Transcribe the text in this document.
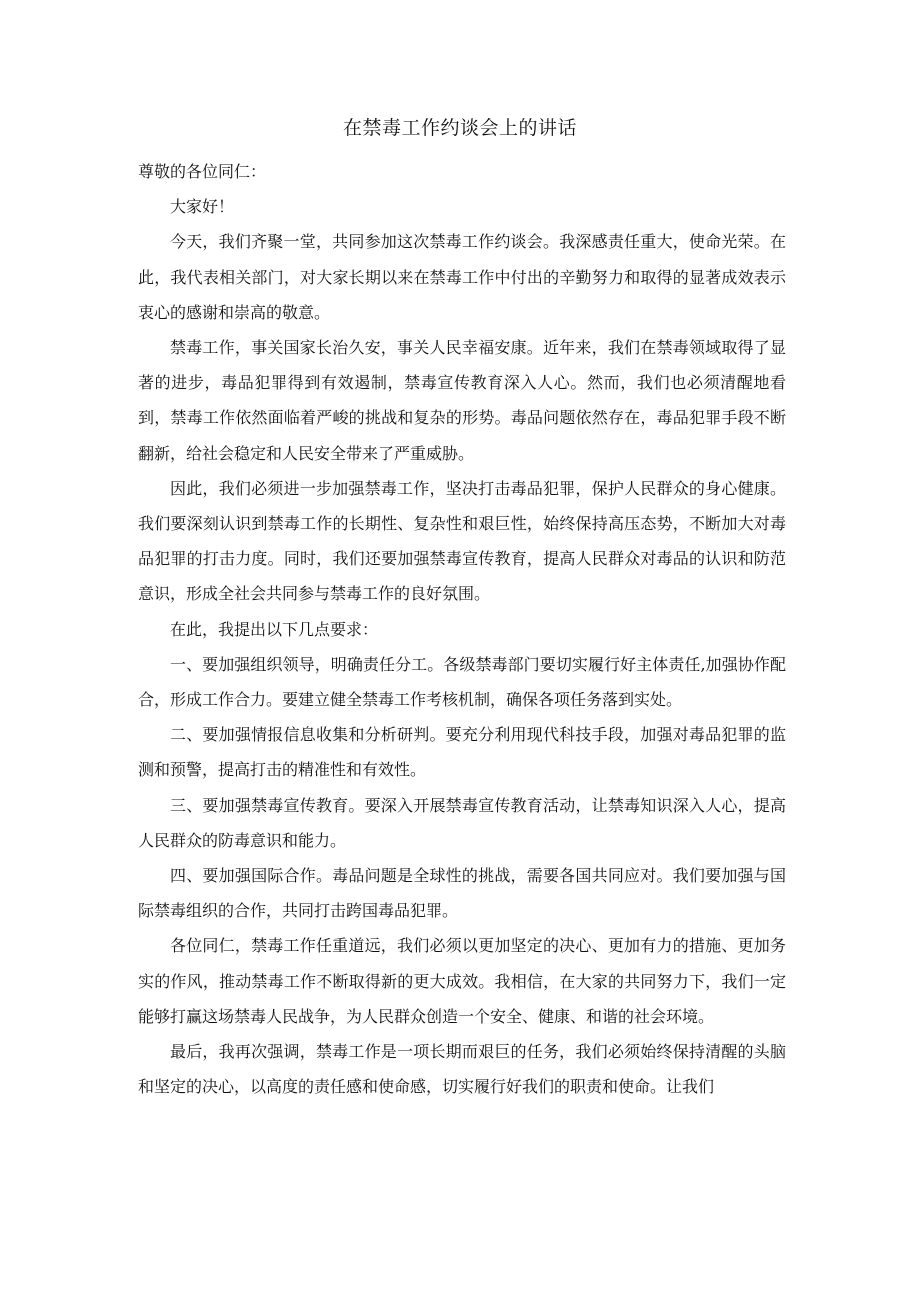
在禁毒工作约谈会上的讲话

尊敬的各位同仁：

大家好！

今天，我们齐聚一堂，共同参加这次禁毒工作约谈会。我深感责任重大，使命光荣。在此，我代表相关部门，对大家长期以来在禁毒工作中付出的辛勤努力和取得的显著成效表示衷心的感谢和崇高的敬意。

禁毒工作，事关国家长治久安，事关人民幸福安康。近年来，我们在禁毒领域取得了显著的进步，毒品犯罪得到有效遏制，禁毒宣传教育深入人心。然而，我们也必须清醒地看到，禁毒工作依然面临着严峻的挑战和复杂的形势。毒品问题依然存在，毒品犯罪手段不断翻新，给社会稳定和人民安全带来了严重威胁。

因此，我们必须进一步加强禁毒工作，坚决打击毒品犯罪，保护人民群众的身心健康。我们要深刻认识到禁毒工作的长期性、复杂性和艰巨性，始终保持高压态势，不断加大对毒品犯罪的打击力度。同时，我们还要加强禁毒宣传教育，提高人民群众对毒品的认识和防范意识，形成全社会共同参与禁毒工作的良好氛围。

在此，我提出以下几点要求：

一、要加强组织领导，明确责任分工。各级禁毒部门要切实履行好主体责任,加强协作配合，形成工作合力。要建立健全禁毒工作考核机制，确保各项任务落到实处。

二、要加强情报信息收集和分析研判。要充分利用现代科技手段，加强对毒品犯罪的监测和预警，提高打击的精准性和有效性。

三、要加强禁毒宣传教育。要深入开展禁毒宣传教育活动，让禁毒知识深入人心，提高人民群众的防毒意识和能力。

四、要加强国际合作。毒品问题是全球性的挑战，需要各国共同应对。我们要加强与国际禁毒组织的合作，共同打击跨国毒品犯罪。

各位同仁，禁毒工作任重道远，我们必须以更加坚定的决心、更加有力的措施、更加务实的作风，推动禁毒工作不断取得新的更大成效。我相信，在大家的共同努力下，我们一定能够打赢这场禁毒人民战争，为人民群众创造一个安全、健康、和谐的社会环境。

最后，我再次强调，禁毒工作是一项长期而艰巨的任务，我们必须始终保持清醒的头脑和坚定的决心，以高度的责任感和使命感，切实履行好我们的职责和使命。让我们
